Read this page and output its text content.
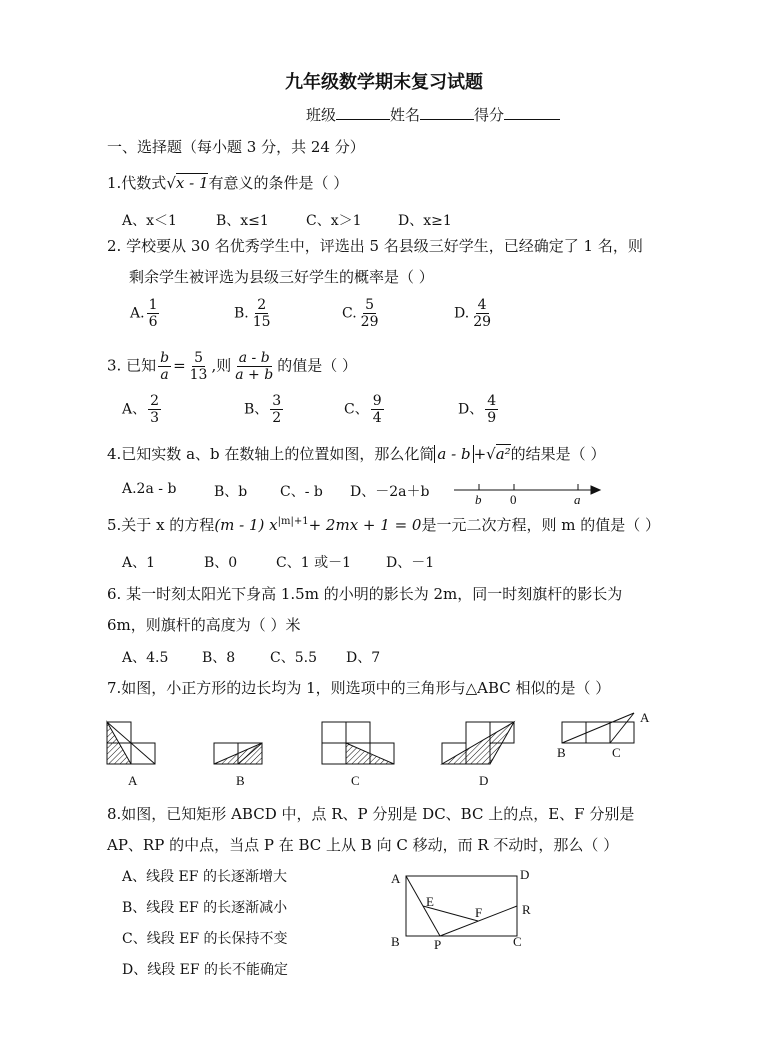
九年级数学期末复习试题
班级	姓名	得分
一、选择题（每小题 3 分，共 24 分）
1.代数式√x - 1有意义的条件是（ ）
A、x＜1	B、x≤1	C、x＞1	D、x≥1
2. 学校要从 30 名优秀学生中，评选出 5 名县级三好学生，已经确定了 1 名，则
剩余学生被评选为县级三好学生的概率是（ ）
A. $\frac{1}{6}$	B. $\frac{2}{15}$	C. $\frac{5}{29}$	D. $\frac{4}{29}$
3. 已知 $\frac{b}{a} = \frac{5}{13}$ ,则 $\frac{a - b}{a + b}$ 的值是（ ）
A、 $\frac{2}{3}$	B、 $\frac{3}{2}$	C、 $\frac{9}{4}$	D、 $\frac{4}{9}$
4.已知实数 a、b 在数轴上的位置如图，那么化简 a - b +√a²的结果是（ ）
A.2a - b	B、b C、- b D、－2a＋b	b 0	a
5.关于 x 的方程(m - 1) $x^{|m|+1}+ 2mx + 1 = 0$是一元二次方程，则 m 的值是（ ）
A、1	B、0	C、1 或－1	D、－1
6. 某一时刻太阳光下身高 1.5m 的小明的影长为 2m，同一时刻旗杆的影长为
6m，则旗杆的高度为（ ）米
A、4.5 B、8 C、5.5 D、7
7.如图，小正方形的边长均为 1，则选项中的三角形与△ABC 相似的是（ ）
A
B	C
A	B	C	D
8.如图，已知矩形 ABCD 中，点 R、P 分别是 DC、BC 上的点，E、F 分别是
AP、RP 的中点，当点 P 在 BC 上从 B 向 C 移动，而 R 不动时，那么（ ）
A、线段 EF 的长逐渐增大
B、线段 EF 的长逐渐减小
C、线段 EF 的长保持不变
D、线段 EF 的长不能确定
A	D
B	C
E
F
P
R
